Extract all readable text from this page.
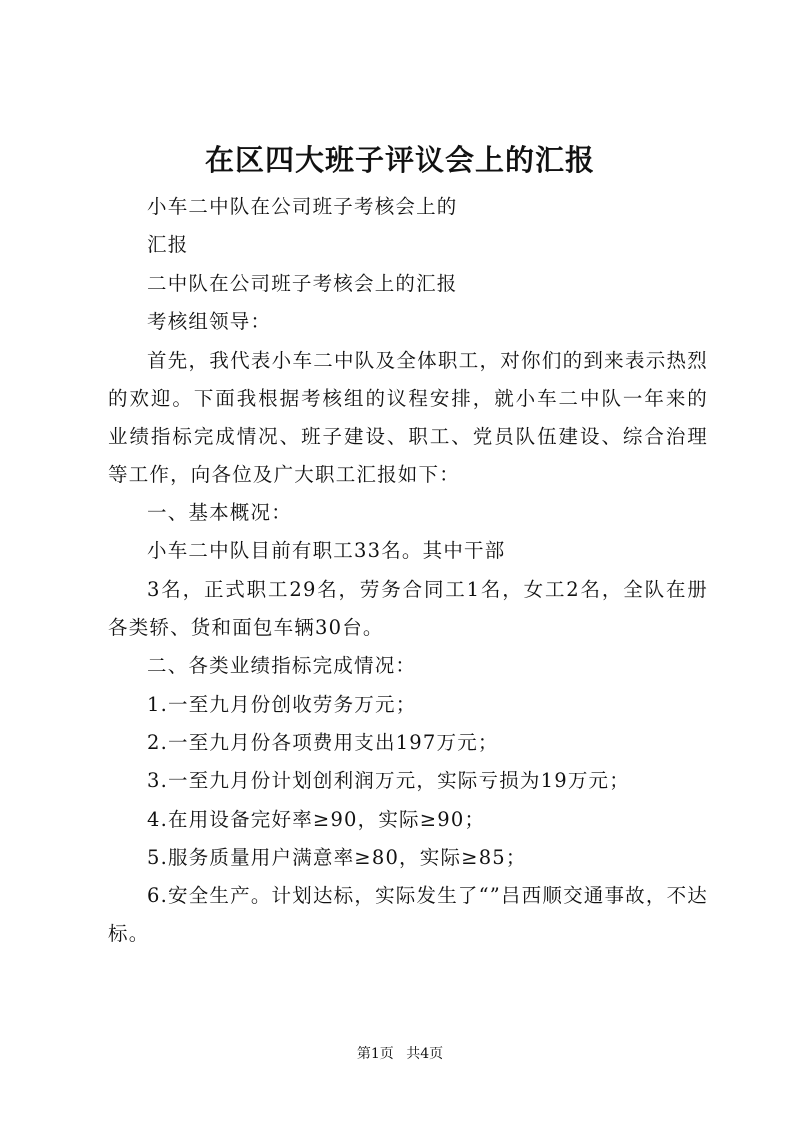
在区四大班子评议会上的汇报

小车二中队在公司班子考核会上的

汇报

二中队在公司班子考核会上的汇报

考核组领导：

首先，我代表小车二中队及全体职工，对你们的到来表示热烈的欢迎。下面我根据考核组的议程安排，就小车二中队一年来的业绩指标完成情况、班子建设、职工、党员队伍建设、综合治理等工作，向各位及广大职工汇报如下：

一、基本概况：

小车二中队目前有职工33名。其中干部

3名，正式职工29名，劳务合同工1名，女工2名，全队在册各类轿、货和面包车辆30台。

二、各类业绩指标完成情况：

1.一至九月份创收劳务万元；

2.一至九月份各项费用支出197万元；

3.一至九月份计划创利润万元，实际亏损为19万元；

4.在用设备完好率≥90，实际≥90；

5.服务质量用户满意率≥80，实际≥85；

6.安全生产。计划达标，实际发生了“”吕西顺交通事故，不达标。

第1页 共4页
